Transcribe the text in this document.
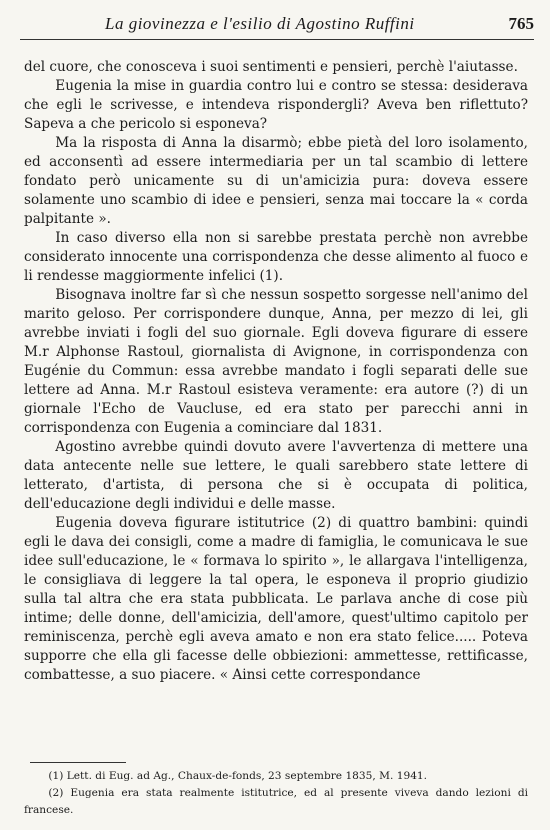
La giovinezza e l'esilio di Agostino Ruffini	765

del cuore, che conosceva i suoi sentimenti e pensieri, perchè l'aiutasse.

Eugenia la mise in guardia contro lui e contro se stessa: desiderava che egli le scrivesse, e intendeva rispondergli? Aveva ben riflettuto? Sapeva a che pericolo si esponeva?

Ma la risposta di Anna la disarmò; ebbe pietà del loro isolamento, ed acconsentì ad essere intermediaria per un tal scambio di lettere fondato però unicamente su di un'amicizia pura: doveva essere solamente uno scambio di idee e pensieri, senza mai toccare la « corda palpitante ».

In caso diverso ella non si sarebbe prestata perchè non avrebbe considerato innocente una corrispondenza che desse alimento al fuoco e li rendesse maggiormente infelici (1).

Bisognava inoltre far sì che nessun sospetto sorgesse nell'animo del marito geloso. Per corrispondere dunque, Anna, per mezzo di lei, gli avrebbe inviati i fogli del suo giornale. Egli doveva figurare di essere M.r Alphonse Rastoul, giornalista di Avignone, in corrispondenza con Eugénie du Commun: essa avrebbe mandato i fogli separati delle sue lettere ad Anna. M.r Rastoul esisteva veramente: era autore (?) di un giornale l'Echo de Vaucluse, ed era stato per parecchi anni in corrispondenza con Eugenia a cominciare dal 1831.

Agostino avrebbe quindi dovuto avere l'avvertenza di mettere una data antecente nelle sue lettere, le quali sarebbero state lettere di letterato, d'artista, di persona che si è occupata di politica, dell'educazione degli individui e delle masse.

Eugenia doveva figurare istitutrice (2) di quattro bambini: quindi egli le dava dei consigli, come a madre di famiglia, le comunicava le sue idee sull'educazione, le « formava lo spirito », le allargava l'intelligenza, le consigliava di leggere la tal opera, le esponeva il proprio giudizio sulla tal altra che era stata pubblicata. Le parlava anche di cose più intime; delle donne, dell'amicizia, dell'amore, quest'ultimo capitolo per reminiscenza, perchè egli aveva amato e non era stato felice..... Poteva supporre che ella gli facesse delle obbiezioni: ammettesse, rettificasse, combattesse, a suo piacere. « Ainsi cette correspondance

(1) Lett. di Eug. ad Ag., Chaux-de-fonds, 23 septembre 1835, M. 1941.

(2) Eugenia era stata realmente istitutrice, ed al presente viveva dando lezioni di francese.
